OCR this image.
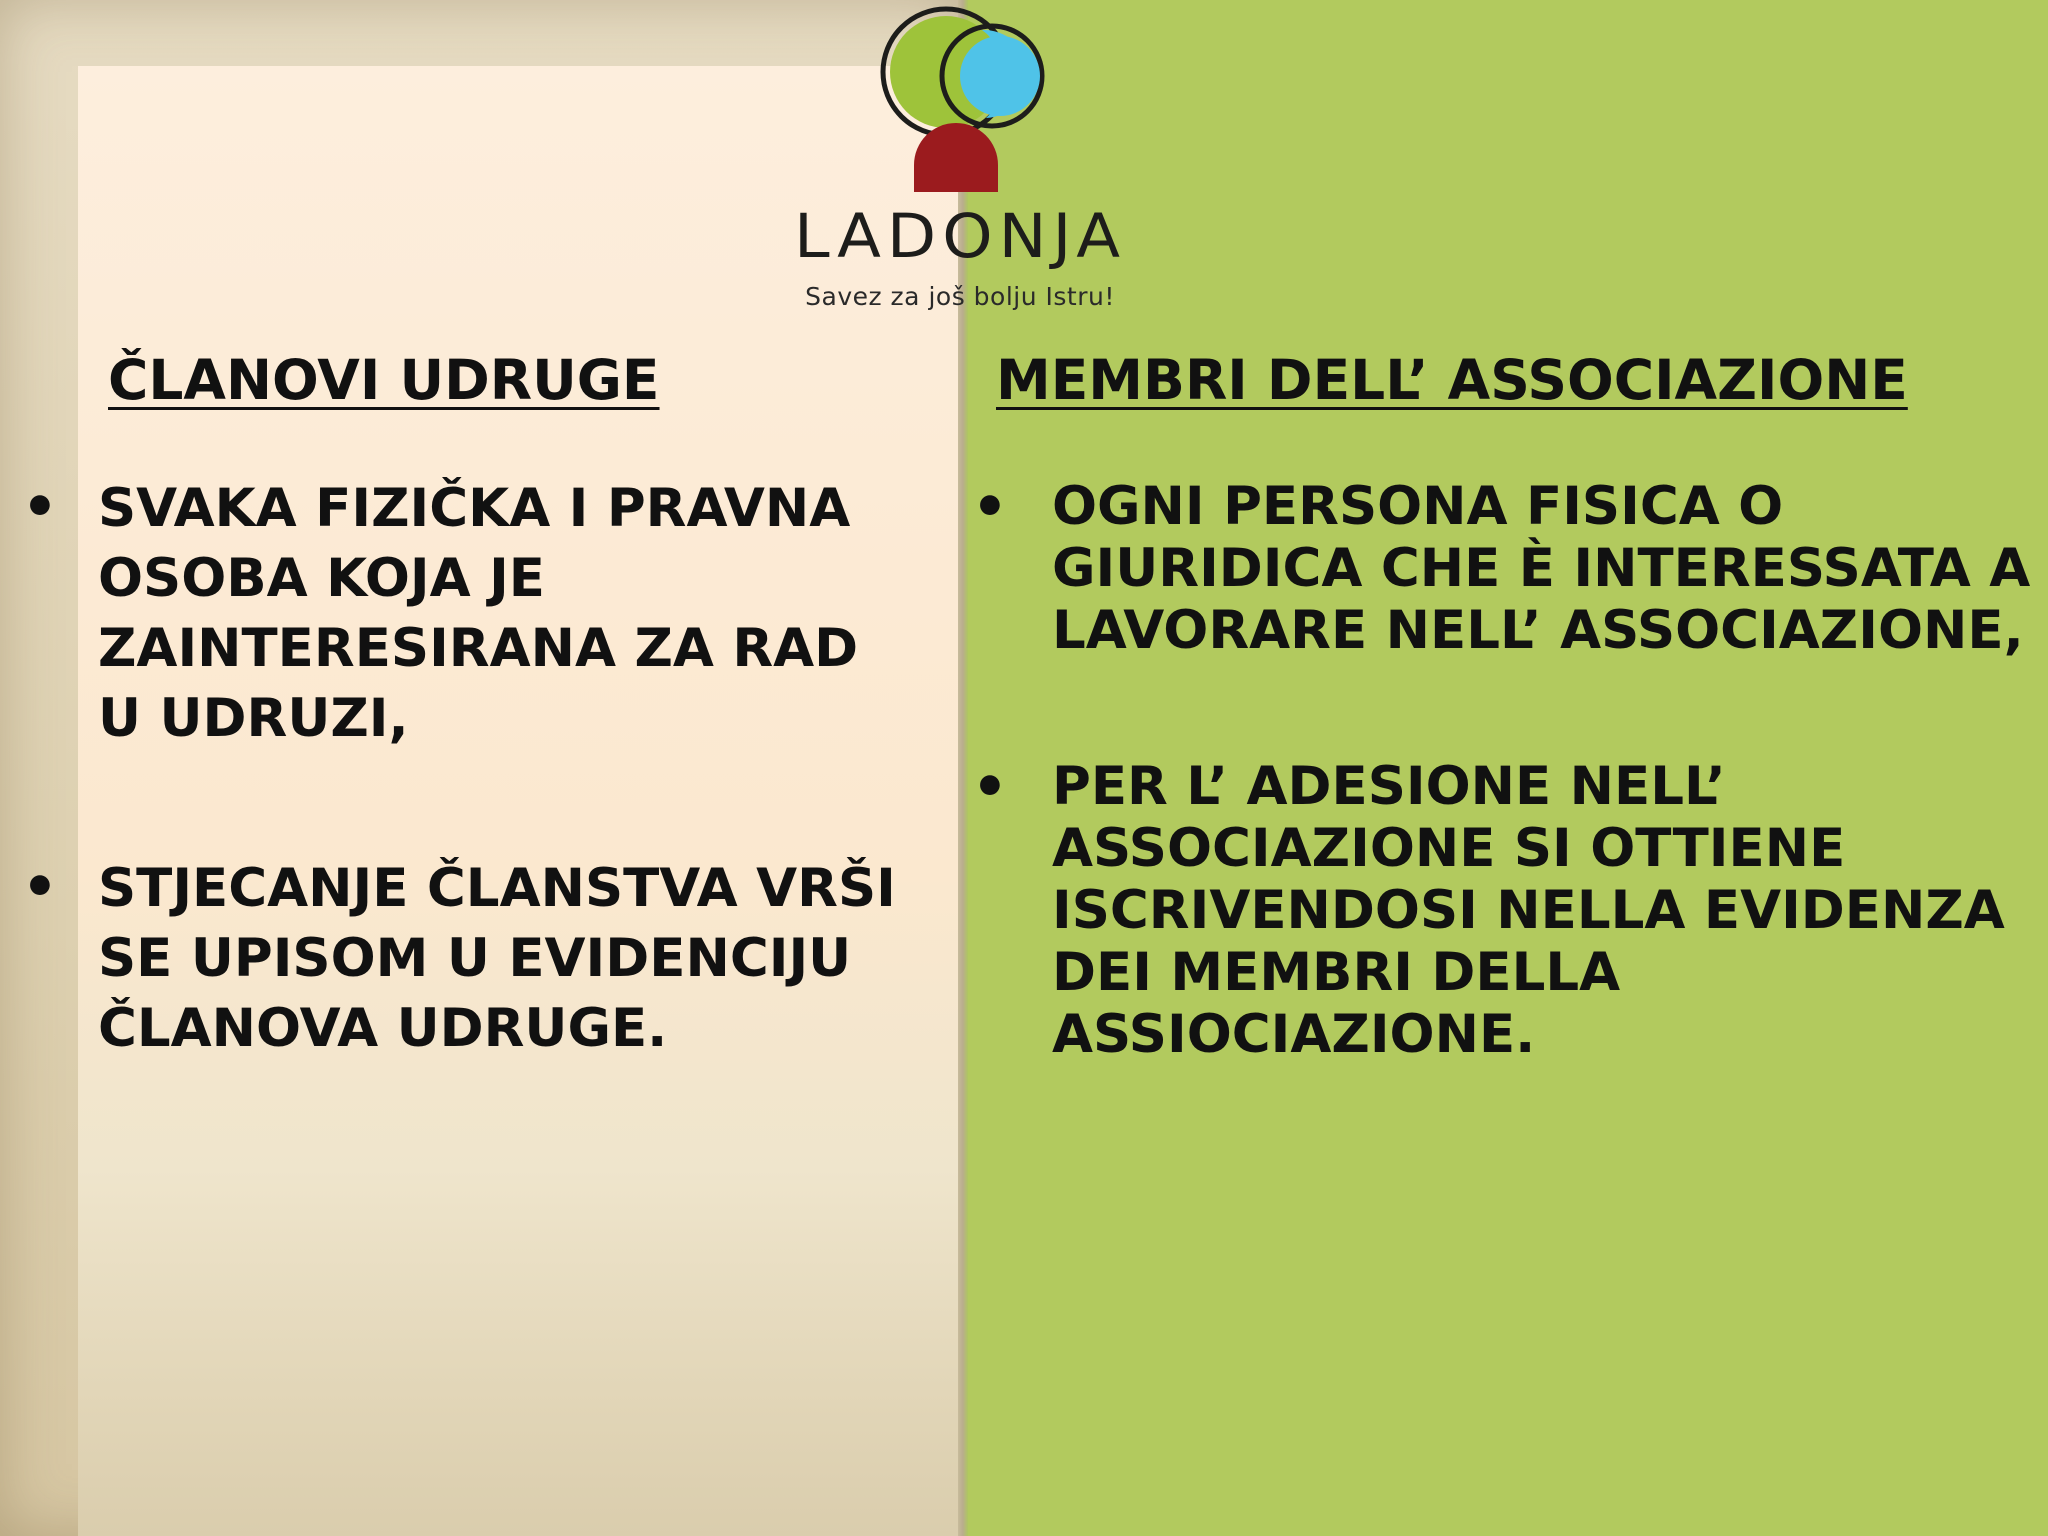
LADONJA
Savez za još bolju Istru!
ČLANOVI UDRUGE	MEMBRI DELL’ ASSOCIAZIONE
• SVAKA FIZIČKA I PRAVNA OSOBA KOJA JE ZAINTERESIRANA ZA RAD U UDRUZI,
• STJECANJE ČLANSTVA VRŠI SE UPISOM U EVIDENCIJU ČLANOVA UDRUGE.
• OGNI PERSONA FISICA O GIURIDICA CHE È INTERESSATA A LAVORARE NELL’ ASSOCIAZIONE,
• PER L’ ADESIONE NELL’ ASSOCIAZIONE SI OTTIENE ISCRIVENDOSI NELLA EVIDENZA DEI MEMBRI DELLA ASSIOCIAZIONE.
